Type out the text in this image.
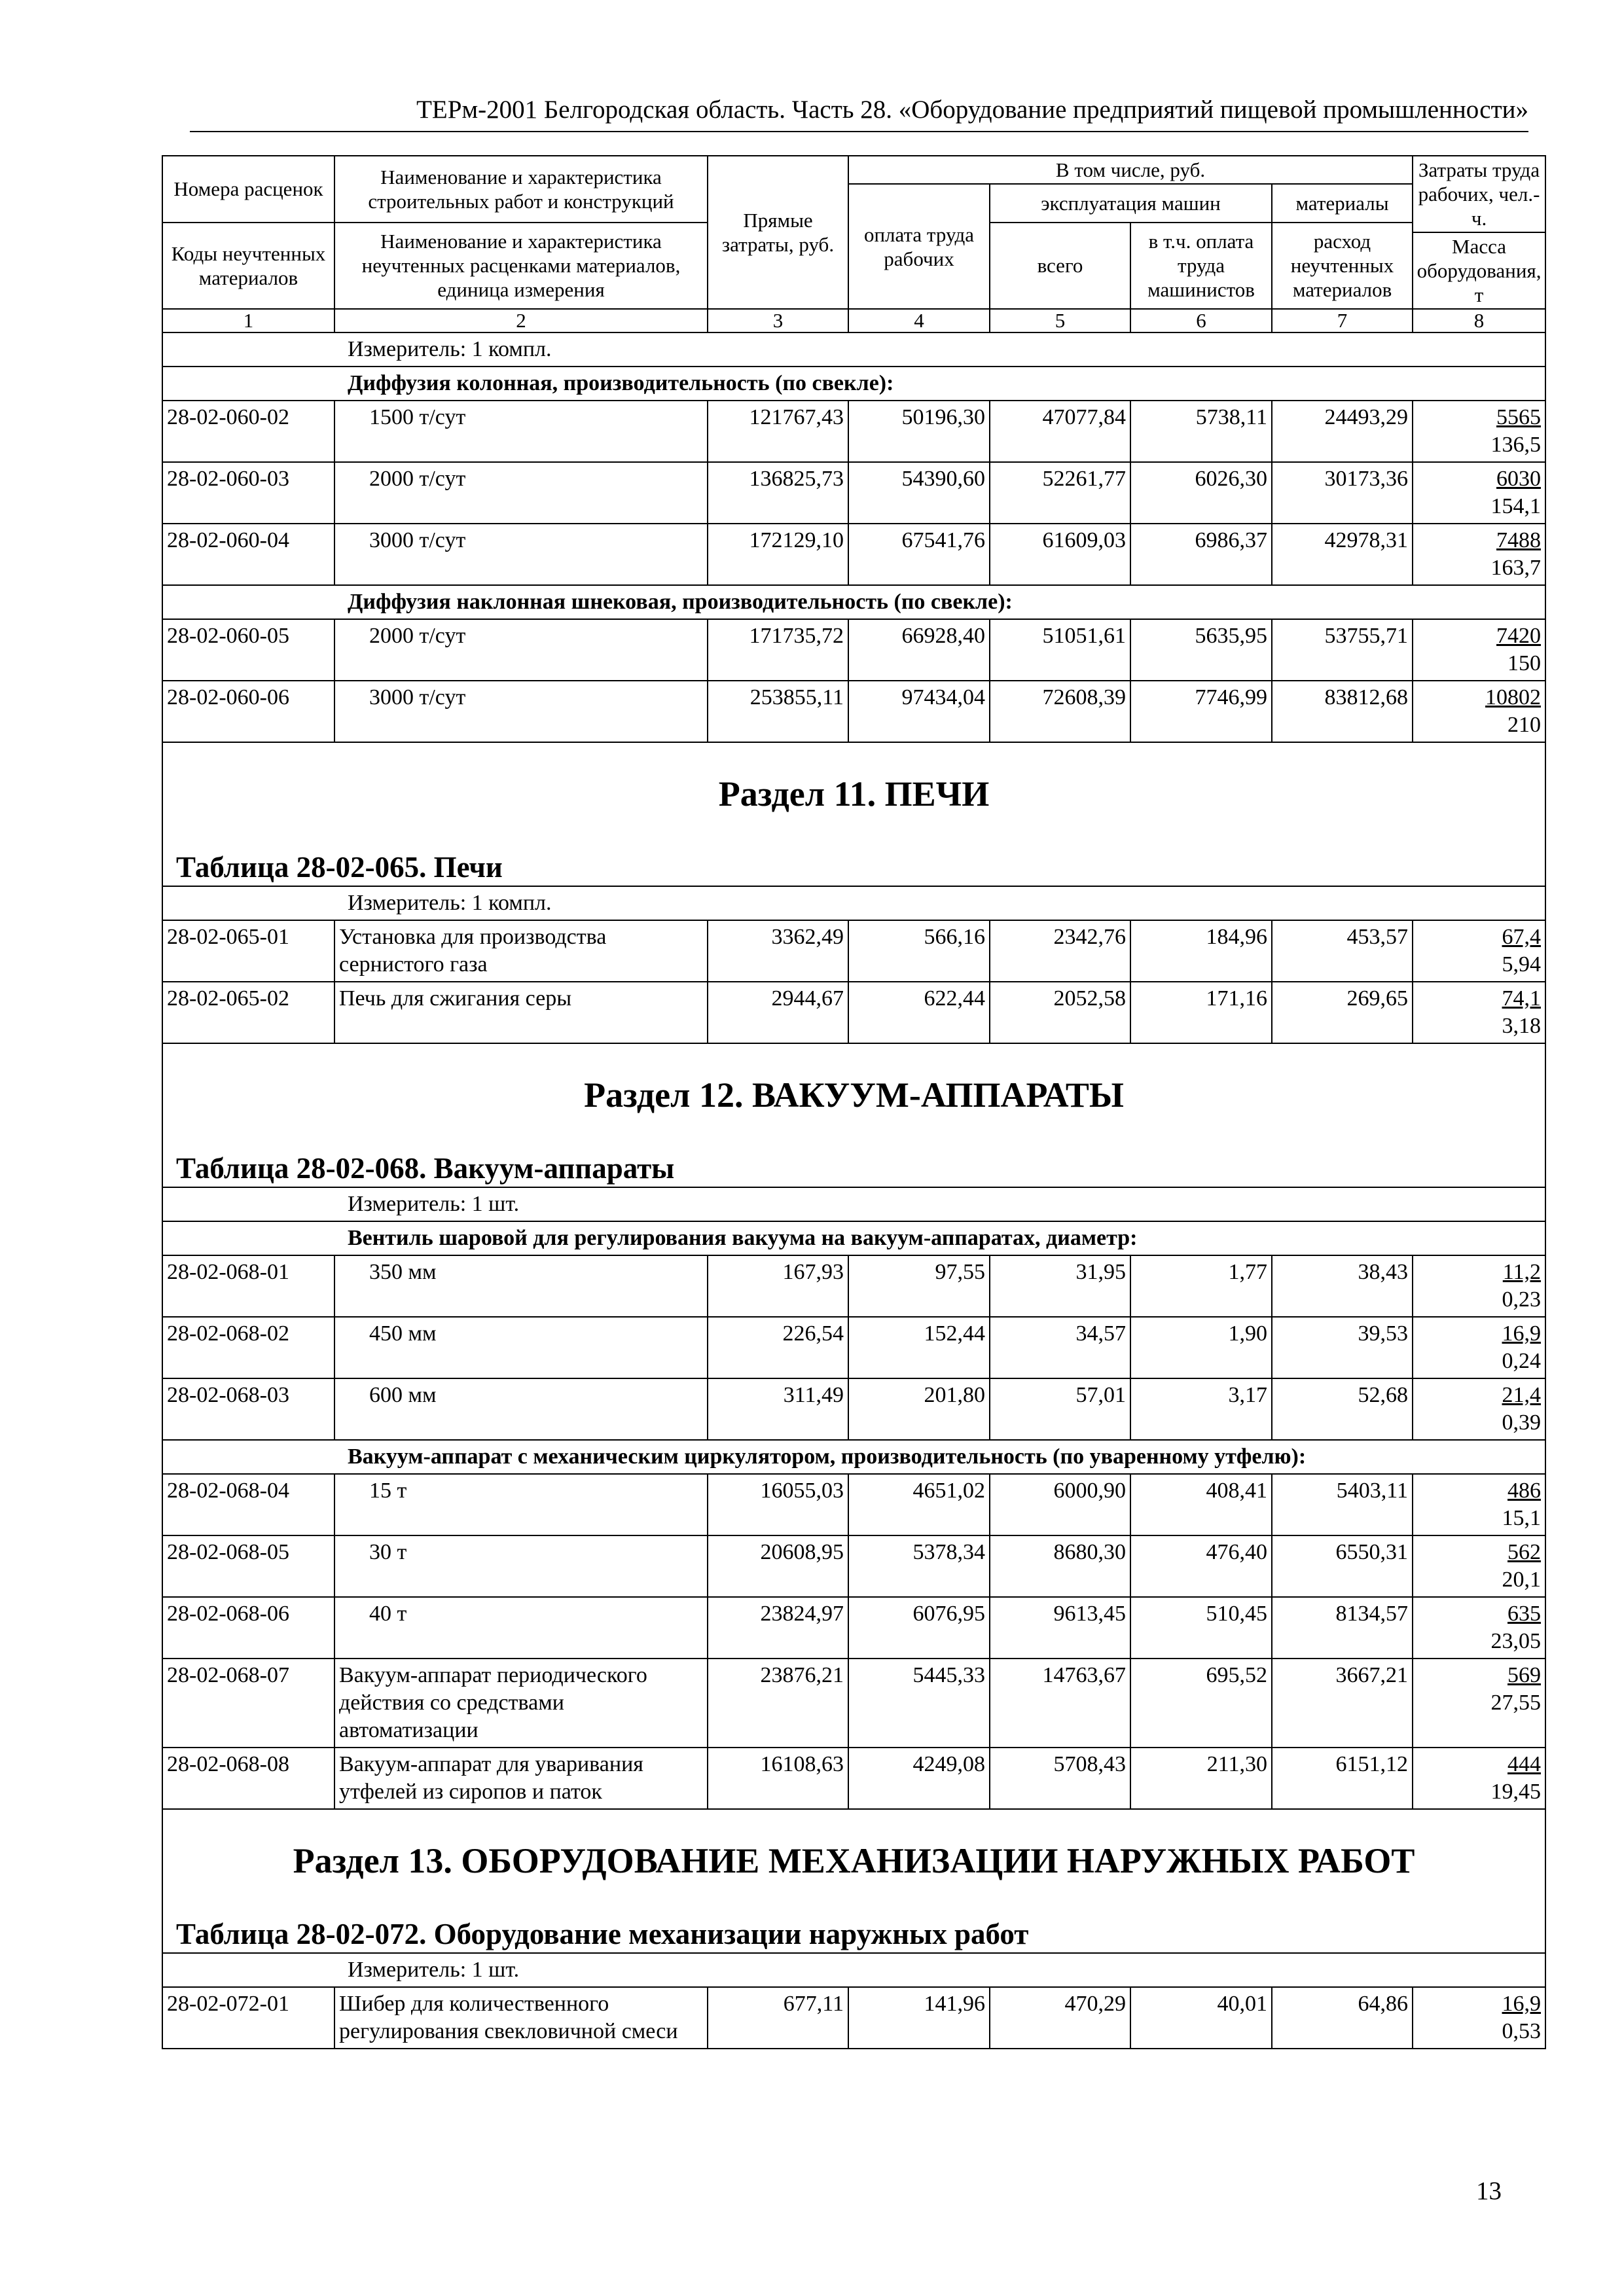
ТЕРм-2001 Белгородская область. Часть 28. «Оборудование предприятий пищевой промышленности»
Номера расценок	Наименование и характеристика строительных работ и конструкций	Прямые затраты, руб.	В том числе, руб.				Затраты труда рабочих, чел.-ч.
			оплата труда рабочих	эксплуатация машин		материалы	
Коды неучтенных материалов	Наименование и характеристика неучтенных расценками материалов, единица измерения			всего	в т.ч. оплата труда машинистов	расход неучтенных материалов	
							Масса оборудования, т
1	2	3	4	5	6	7	8
Измеритель: 1 компл.							
Диффузия колонная, производительность (по свекле):							
28-02-060-02	1500 т/сут	121767,43	50196,30	47077,84	5738,11	24493,29	5565
136,5

28-02-060-03	2000 т/сут	136825,73	54390,60	52261,77	6026,30	30173,36	6030
154,1

28-02-060-04	3000 т/сут	172129,10	67541,76	61609,03	6986,37	42978,31	7488
163,7

Диффузия наклонная шнековая, производительность (по свекле):							
28-02-060-05	2000 т/сут	171735,72	66928,40	51051,61	5635,95	53755,71	7420
150

28-02-060-06	3000 т/сут	253855,11	97434,04	72608,39	7746,99	83812,68	10802
210

Раздел 11. ПЕЧИ
Таблица 28-02-065. Печи							

Измеритель: 1 компл.							
28-02-065-01	Установка для производства сернистого газа	3362,49	566,16	2342,76	184,96	453,57	67,4
5,94

28-02-065-02	Печь для сжигания серы	2944,67	622,44	2052,58	171,16	269,65	74,1
3,18

Раздел 12. ВАКУУМ-АППАРАТЫ
Таблица 28-02-068. Вакуум-аппараты							

Измеритель: 1 шт.							
Вентиль шаровой для регулирования вакуума на вакуум-аппаратах, диаметр:							
28-02-068-01	350 мм	167,93	97,55	31,95	1,77	38,43	11,2
0,23

28-02-068-02	450 мм	226,54	152,44	34,57	1,90	39,53	16,9
0,24

28-02-068-03	600 мм	311,49	201,80	57,01	3,17	52,68	21,4
0,39

Вакуум-аппарат с механическим циркулятором, производительность (по уваренному утфелю):							
28-02-068-04	15 т	16055,03	4651,02	6000,90	408,41	5403,11	486
15,1

28-02-068-05	30 т	20608,95	5378,34	8680,30	476,40	6550,31	562
20,1

28-02-068-06	40 т	23824,97	6076,95	9613,45	510,45	8134,57	635
23,05

28-02-068-07	Вакуум-аппарат периодического действия со средствами автоматизации	23876,21	5445,33	14763,67	695,52	3667,21	569
27,55

28-02-068-08	Вакуум-аппарат для уваривания утфелей из сиропов и паток	16108,63	4249,08	5708,43	211,30	6151,12	444
19,45

Раздел 13. ОБОРУДОВАНИЕ МЕХАНИЗАЦИИ НАРУЖНЫХ РАБОТ
Таблица 28-02-072. Оборудование механизации наружных работ							

Измеритель: 1 шт.							
28-02-072-01	Шибер для количественного регулирования свекловичной смеси	677,11	141,96	470,29	40,01	64,86	16,9
0,53
13
